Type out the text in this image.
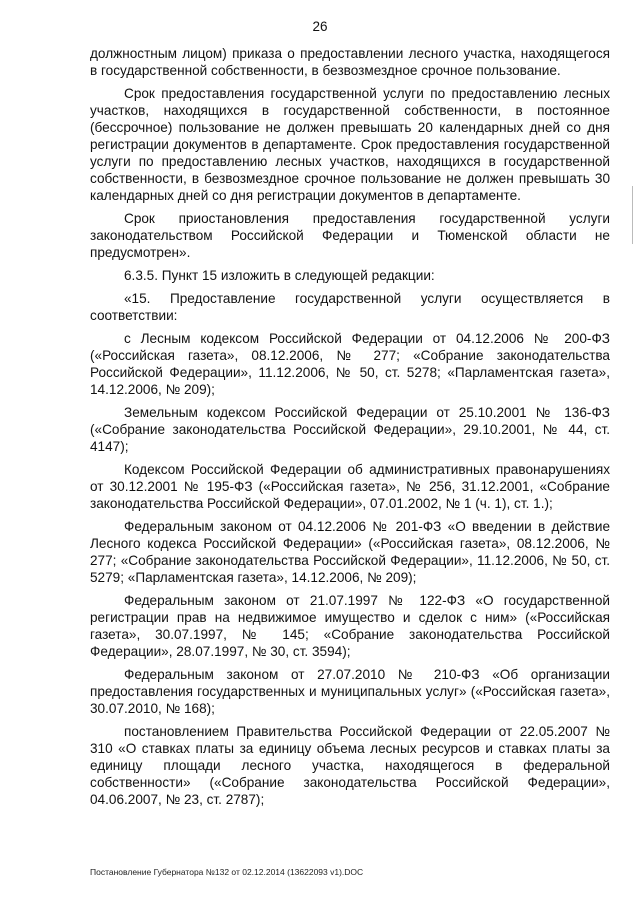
26

должностным лицом) приказа о предоставлении лесного участка, находящегося в государственной собственности, в безвозмездное срочное пользование.

Срок предоставления государственной услуги по предоставлению лесных участков, находящихся в государственной собственности, в постоянное (бессрочное) пользование не должен превышать 20 календарных дней со дня регистрации документов в департаменте. Срок предоставления государственной услуги по предоставлению лесных участков, находящихся в государственной собственности, в безвозмездное срочное пользование не должен превышать 30 календарных дней со дня регистрации документов в департаменте.

Срок приостановления предоставления государственной услуги законодательством Российской Федерации и Тюменской области не предусмотрен».

6.3.5. Пункт 15 изложить в следующей редакции:

«15. Предоставление государственной услуги осуществляется в соответствии:

с Лесным кодексом Российской Федерации от 04.12.2006 № 200-ФЗ («Российская газета», 08.12.2006, № 277; «Собрание законодательства Российской Федерации», 11.12.2006, № 50, ст. 5278; «Парламентская газета», 14.12.2006, № 209);

Земельным кодексом Российской Федерации от 25.10.2001 № 136-ФЗ («Собрание законодательства Российской Федерации», 29.10.2001, № 44, ст. 4147);

Кодексом Российской Федерации об административных правонарушениях от 30.12.2001 № 195-ФЗ («Российская газета», № 256, 31.12.2001, «Собрание законодательства Российской Федерации», 07.01.2002, № 1 (ч. 1), ст. 1.);

Федеральным законом от 04.12.2006 № 201-ФЗ «О введении в действие Лесного кодекса Российской Федерации» («Российская газета», 08.12.2006, № 277; «Собрание законодательства Российской Федерации», 11.12.2006, № 50, ст. 5279; «Парламентская газета», 14.12.2006, № 209);

Федеральным законом от 21.07.1997 № 122-ФЗ «О государственной регистрации прав на недвижимое имущество и сделок с ним» («Российская газета», 30.07.1997, № 145; «Собрание законодательства Российской Федерации», 28.07.1997, № 30, ст. 3594);

Федеральным законом от 27.07.2010 № 210-ФЗ «Об организации предоставления государственных и муниципальных услуг» («Российская газета», 30.07.2010, № 168);

постановлением Правительства Российской Федерации от 22.05.2007 № 310 «О ставках платы за единицу объема лесных ресурсов и ставках платы за единицу площади лесного участка, находящегося в федеральной собственности» («Собрание законодательства Российской Федерации», 04.06.2007, № 23, ст. 2787);

Постановление Губернатора №132 от 02.12.2014 (13622093 v1).DOC
